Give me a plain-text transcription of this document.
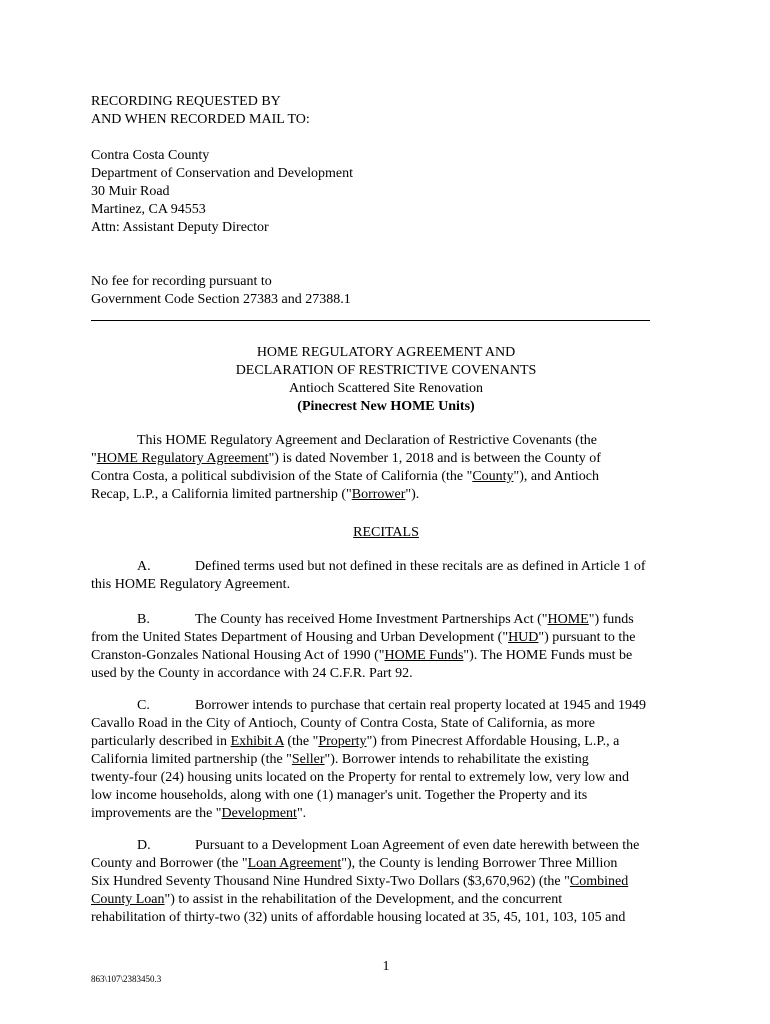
RECORDING REQUESTED BY
AND WHEN RECORDED MAIL TO:
Contra Costa County
Department of Conservation and Development
30 Muir Road
Martinez, CA 94553
Attn: Assistant Deputy Director
No fee for recording pursuant to
Government Code Section 27383 and 27388.1
HOME REGULATORY AGREEMENT AND
DECLARATION OF RESTRICTIVE COVENANTS
Antioch Scattered Site Renovation
(Pinecrest New HOME Units)
This HOME Regulatory Agreement and Declaration of Restrictive Covenants (the
"HOME Regulatory Agreement") is dated November 1, 2018 and is between the County of
Contra Costa, a political subdivision of the State of California (the "County"), and Antioch
Recap, L.P., a California limited partnership ("Borrower").
RECITALS
A.	Defined terms used but not defined in these recitals are as defined in Article 1 of
this HOME Regulatory Agreement.
B.	The County has received Home Investment Partnerships Act ("HOME") funds
from the United States Department of Housing and Urban Development ("HUD") pursuant to the
Cranston-Gonzales National Housing Act of 1990 ("HOME Funds"). The HOME Funds must be
used by the County in accordance with 24 C.F.R. Part 92.
C.	Borrower intends to purchase that certain real property located at 1945 and 1949
Cavallo Road in the City of Antioch, County of Contra Costa, State of California, as more
particularly described in Exhibit A (the "Property") from Pinecrest Affordable Housing, L.P., a
California limited partnership (the "Seller"). Borrower intends to rehabilitate the existing
twenty-four (24) housing units located on the Property for rental to extremely low, very low and
low income households, along with one (1) manager's unit. Together the Property and its
improvements are the "Development".
D.	Pursuant to a Development Loan Agreement of even date herewith between the
County and Borrower (the "Loan Agreement"), the County is lending Borrower Three Million
Six Hundred Seventy Thousand Nine Hundred Sixty-Two Dollars ($3,670,962) (the "Combined
County Loan") to assist in the rehabilitation of the Development, and the concurrent
rehabilitation of thirty-two (32) units of affordable housing located at 35, 45, 101, 103, 105 and
1
863\107\2383450.3
